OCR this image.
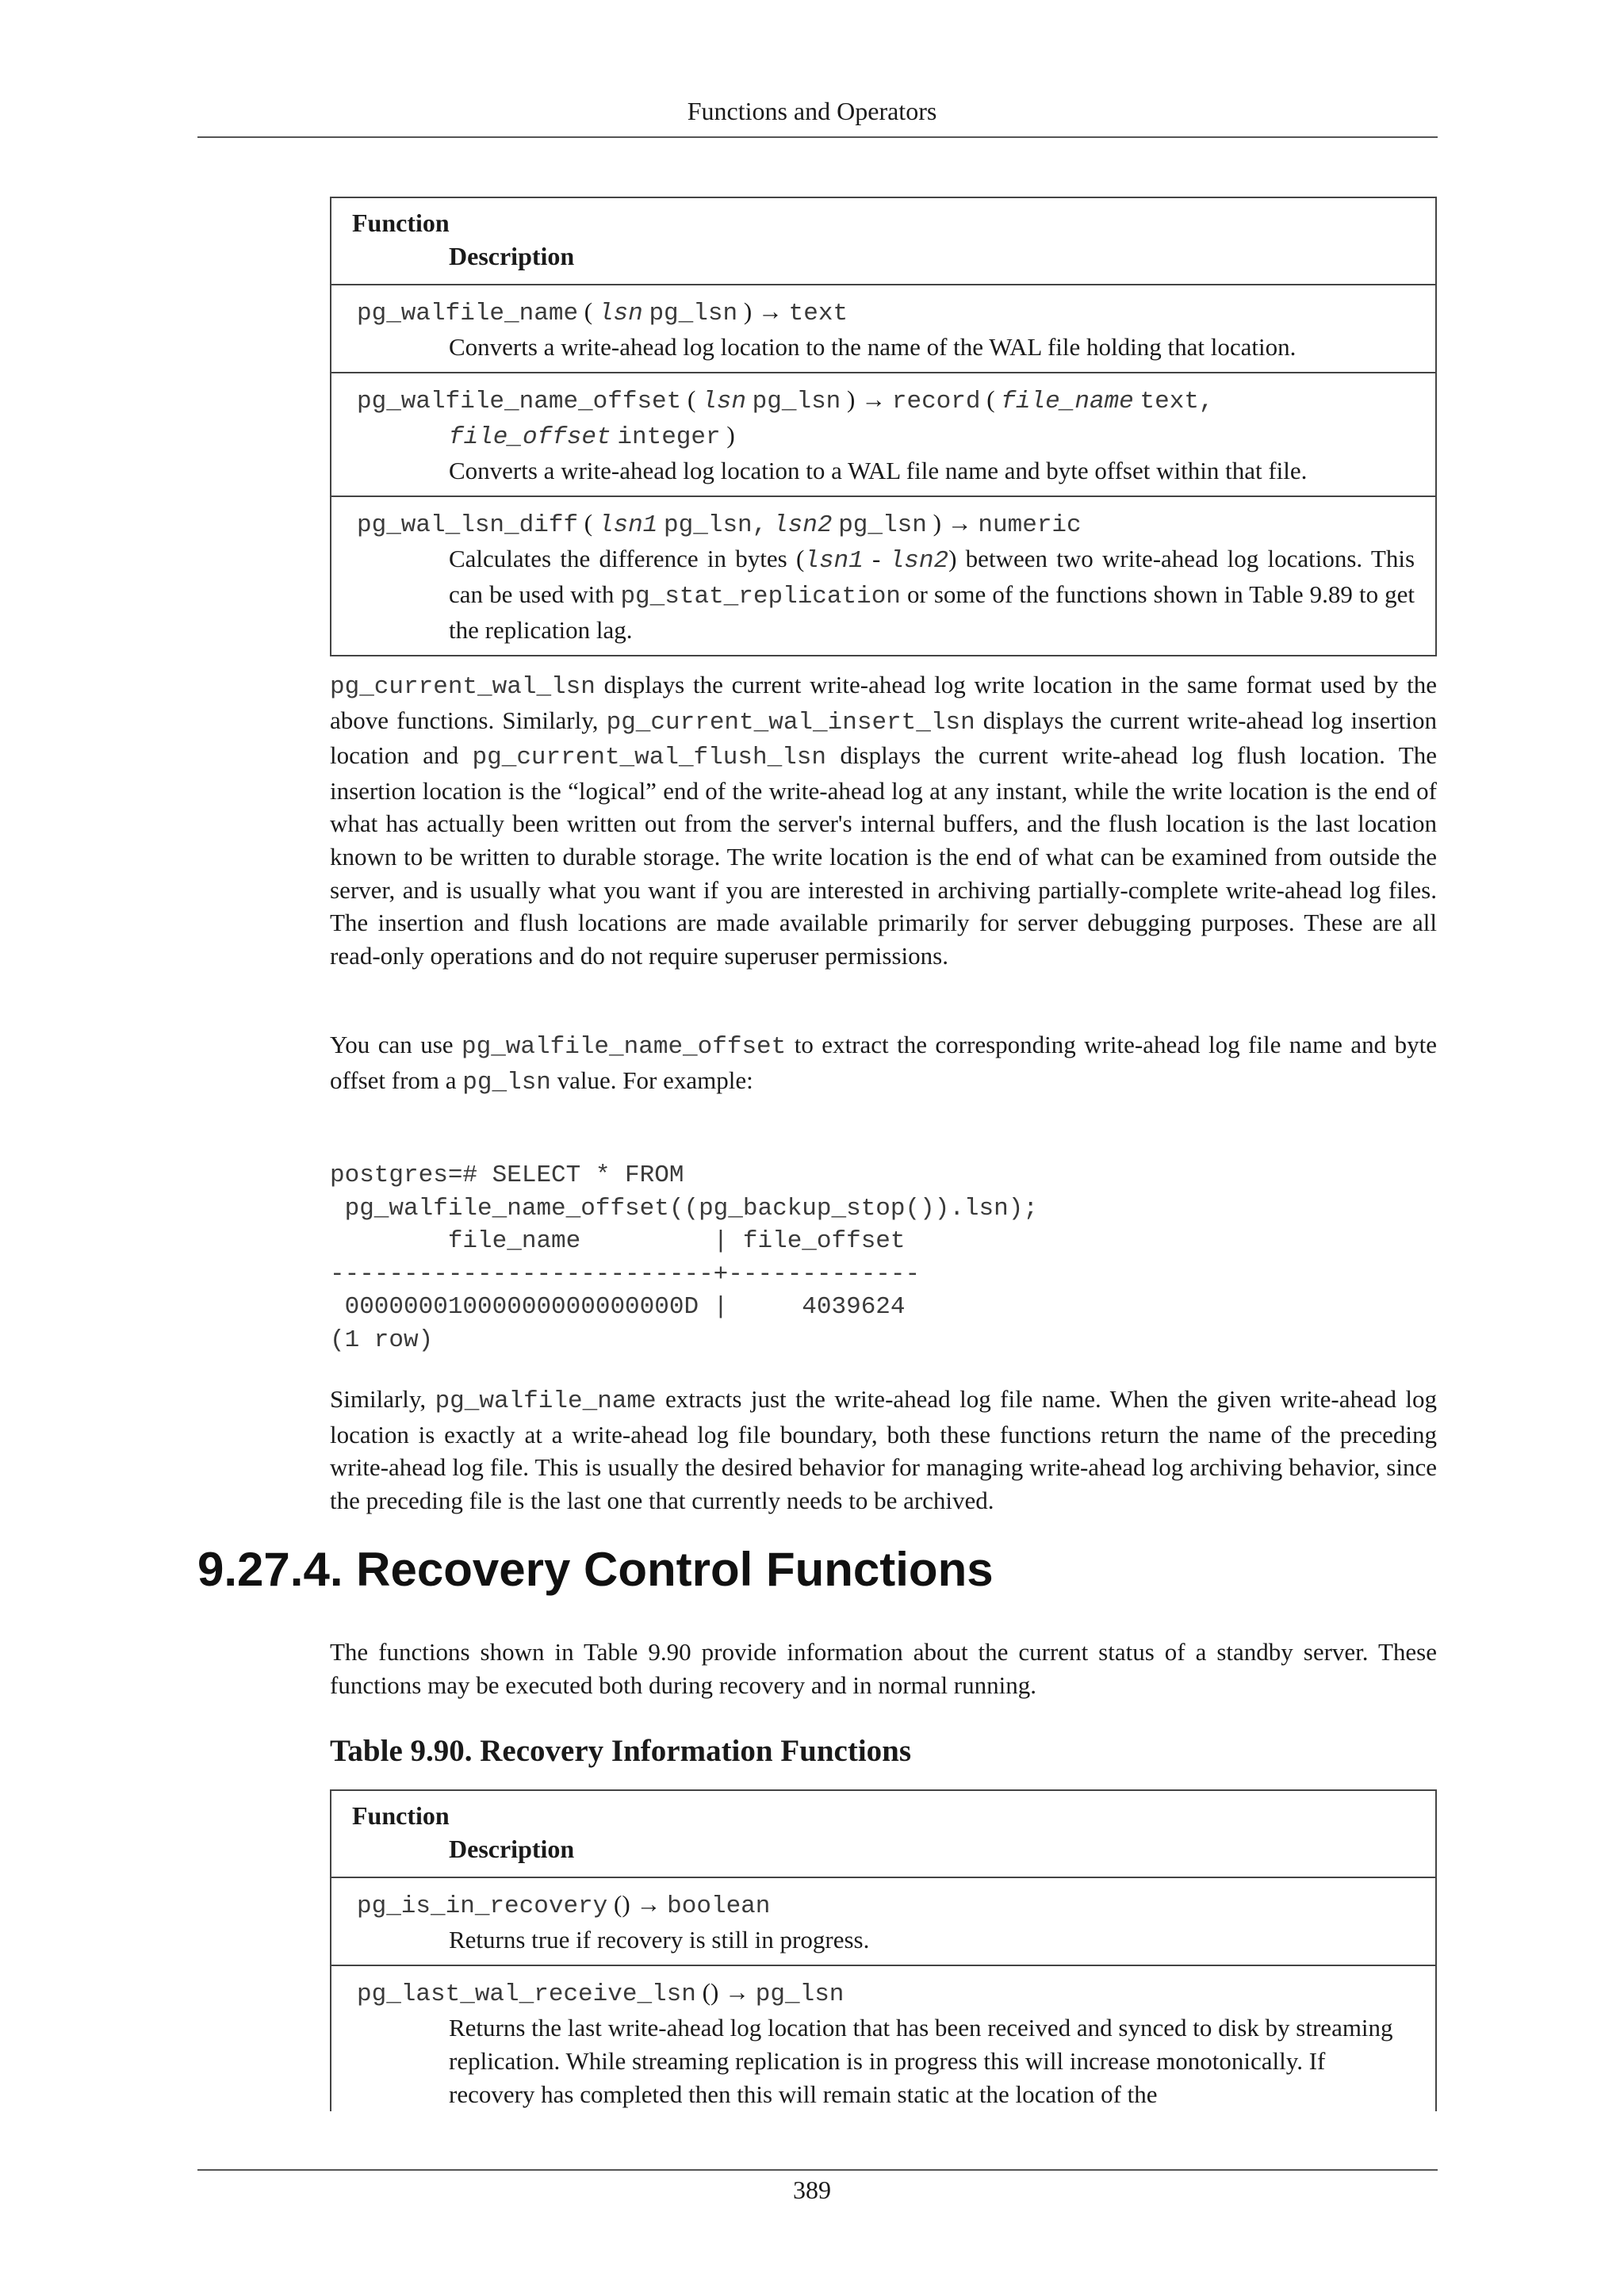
Functions and Operators
Function
Description
pg_walfile_name ( lsn pg_lsn ) → text
Converts a write-ahead log location to the name of the WAL file holding that location.
pg_walfile_name_offset ( lsn pg_lsn ) → record ( file_name text,
file_offset integer )
Converts a write-ahead log location to a WAL file name and byte offset within that file.
pg_wal_lsn_diff ( lsn1 pg_lsn, lsn2 pg_lsn ) → numeric
Calculates the difference in bytes (lsn1 - lsn2) between two write-ahead log locations. This can be used with pg_stat_replication or some of the functions shown in Table 9.89 to get the replication lag.
pg_current_wal_lsn displays the current write-ahead log write location in the same format used by the above functions. Similarly, pg_current_wal_insert_lsn displays the current write-ahead log insertion location and pg_current_wal_flush_lsn displays the current write-ahead log flush location. The insertion location is the “logical” end of the write-ahead log at any instant, while the write location is the end of what has actually been written out from the server's internal buffers, and the flush location is the last location known to be written to durable storage. The write location is the end of what can be examined from outside the server, and is usually what you want if you are interested in archiving partially-complete write-ahead log files. The insertion and flush locations are made available primarily for server debugging purposes. These are all read-only operations and do not require superuser permissions.
You can use pg_walfile_name_offset to extract the corresponding write-ahead log file name and byte offset from a pg_lsn value. For example:
postgres=# SELECT * FROM
pg_walfile_name_offset((pg_backup_stop()).lsn);
file_name         | file_offset
--------------------------+-------------
00000001000000000000000D |     4039624
(1 row)
Similarly, pg_walfile_name extracts just the write-ahead log file name. When the given write-ahead log location is exactly at a write-ahead log file boundary, both these functions return the name of the preceding write-ahead log file. This is usually the desired behavior for managing write-ahead log archiving behavior, since the preceding file is the last one that currently needs to be archived.
9.27.4. Recovery Control Functions
The functions shown in Table 9.90 provide information about the current status of a standby server. These functions may be executed both during recovery and in normal running.
Table 9.90. Recovery Information Functions
Function
Description
pg_is_in_recovery () → boolean
Returns true if recovery is still in progress.
pg_last_wal_receive_lsn () → pg_lsn
Returns the last write-ahead log location that has been received and synced to disk by streaming replication. While streaming replication is in progress this will increase monotonically. If recovery has completed then this will remain static at the location of the
389
